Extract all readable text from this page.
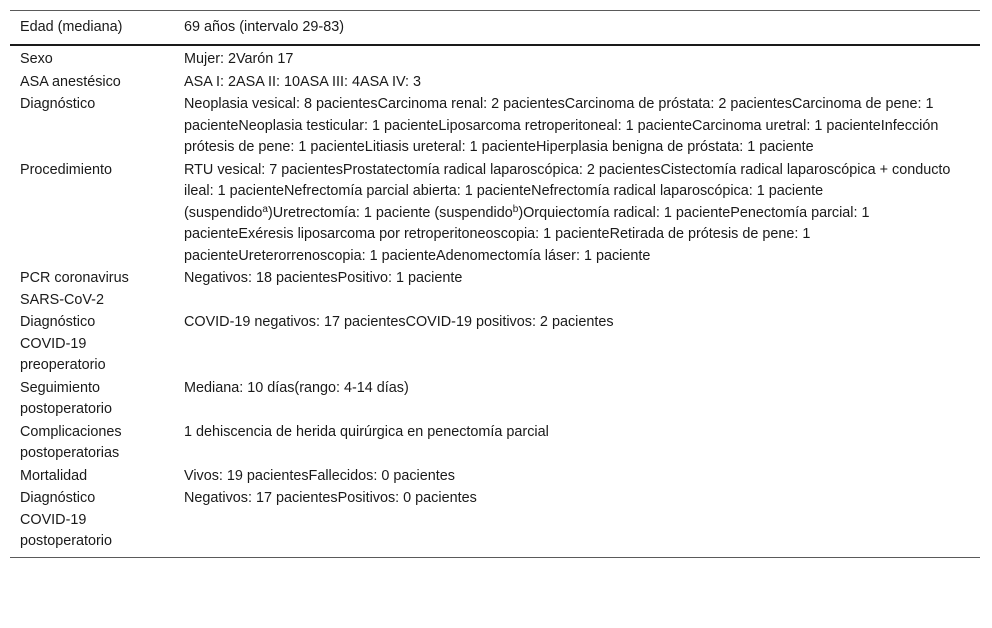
Edad (mediana)	69 años (intervalo 29-83)

Sexo	Mujer: 2Varón 17

ASA anestésico	ASA I: 2ASA II: 10ASA III: 4ASA IV: 3

Diagnóstico	Neoplasia vesical: 8 pacientesCarcinoma renal: 2 pacientesCarcinoma de próstata: 2 pacientesCarcinoma de pene: 1 pacienteNeoplasia testicular: 1 pacienteLiposarcoma retroperitoneal: 1 pacienteCarcinoma uretral: 1 pacienteInfección prótesis de pene: 1 pacienteLitiasis ureteral: 1 pacienteHiperplasia benigna de próstata: 1 paciente

Procedimiento	RTU vesical: 7 pacientesProstatectomía radical laparoscópica: 2 pacientesCistectomía radical laparoscópica + conducto ileal: 1 pacienteNefrectomía parcial abierta: 1 pacienteNefrectomía radical laparoscópica: 1 paciente (suspendido$^a$)Uretrectomía: 1 paciente (suspendido$^b$)Orquiectomía radical: 1 pacientePenectomía parcial: 1 pacienteExéresis liposarcoma por retroperitoneoscopia: 1 pacienteRetirada de prótesis de pene: 1 pacienteUreterorrenoscopia: 1 pacienteAdenomectomía láser: 1 paciente

PCR coronavirus SARS-CoV-2	Negativos: 18 pacientesPositivo: 1 paciente

Diagnóstico COVID-19 preoperatorio	COVID-19 negativos: 17 pacientesCOVID-19 positivos: 2 pacientes

Seguimiento postoperatorio	Mediana: 10 días(rango: 4-14 días)

Complicaciones postoperatorias	1 dehiscencia de herida quirúrgica en penectomía parcial

Mortalidad	Vivos: 19 pacientesFallecidos: 0 pacientes

Diagnóstico COVID-19 postoperatorio	Negativos: 17 pacientesPositivos: 0 pacientes
